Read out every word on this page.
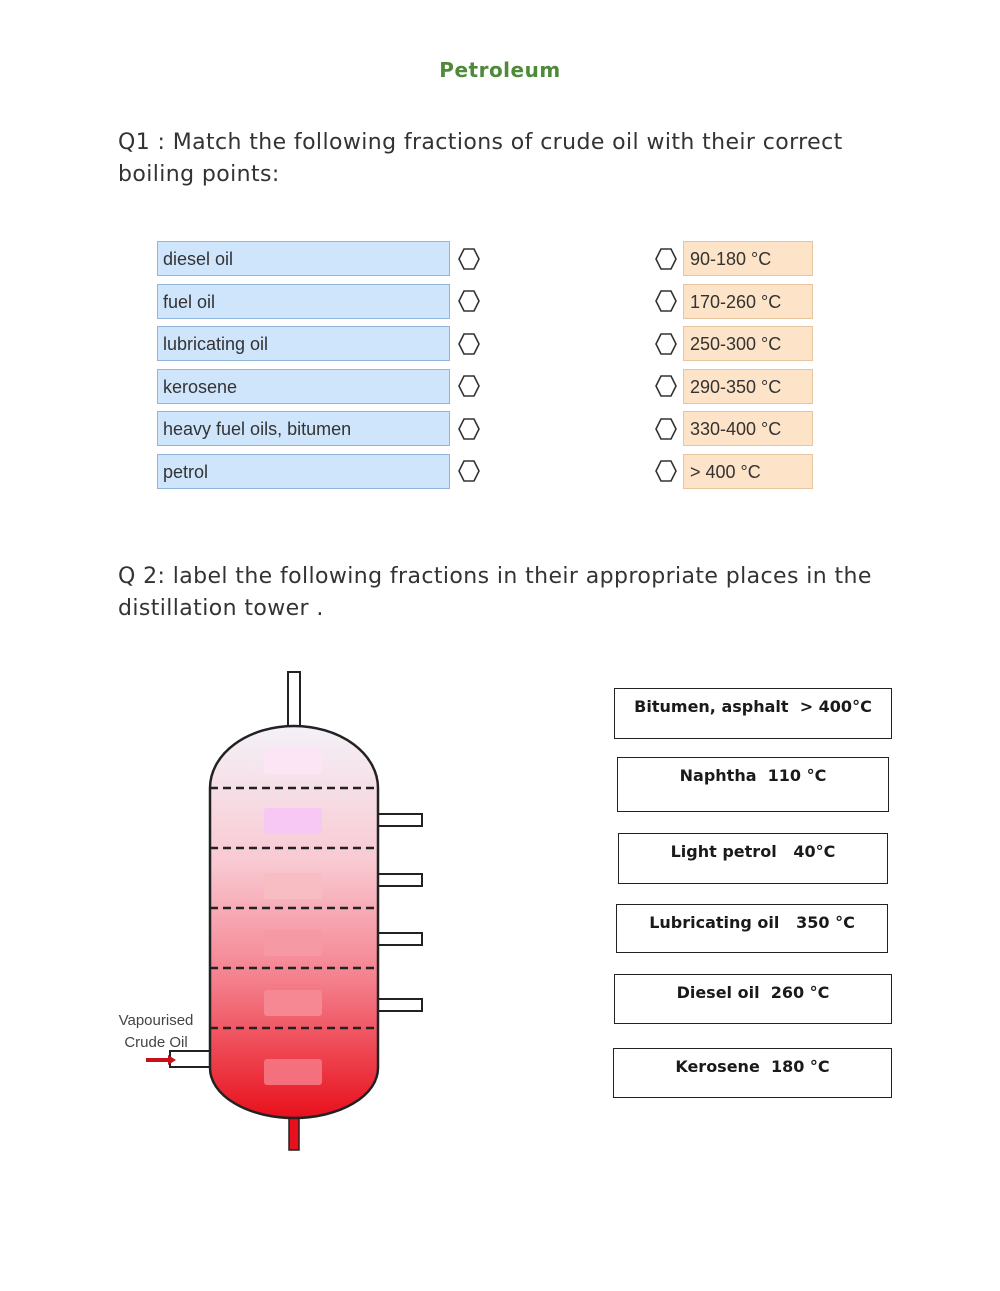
Petroleum
Q1 : Match the following fractions of crude oil with their correct boiling points:
diesel oil
fuel oil
lubricating oil
kerosene
heavy fuel oils, bitumen
petrol
90-180 °C
170-260 °C
250-300 °C
290-350 °C
330-400 °C
> 400 °C
Q 2: label the following fractions in their appropriate places in the distillation tower .
Vapourised
Crude Oil
Bitumen, asphalt  > 400°C
Naphtha  110 °C
Light petrol   40°C
Lubricating oil   350 °C
Diesel oil  260 °C
Kerosene  180 °C
